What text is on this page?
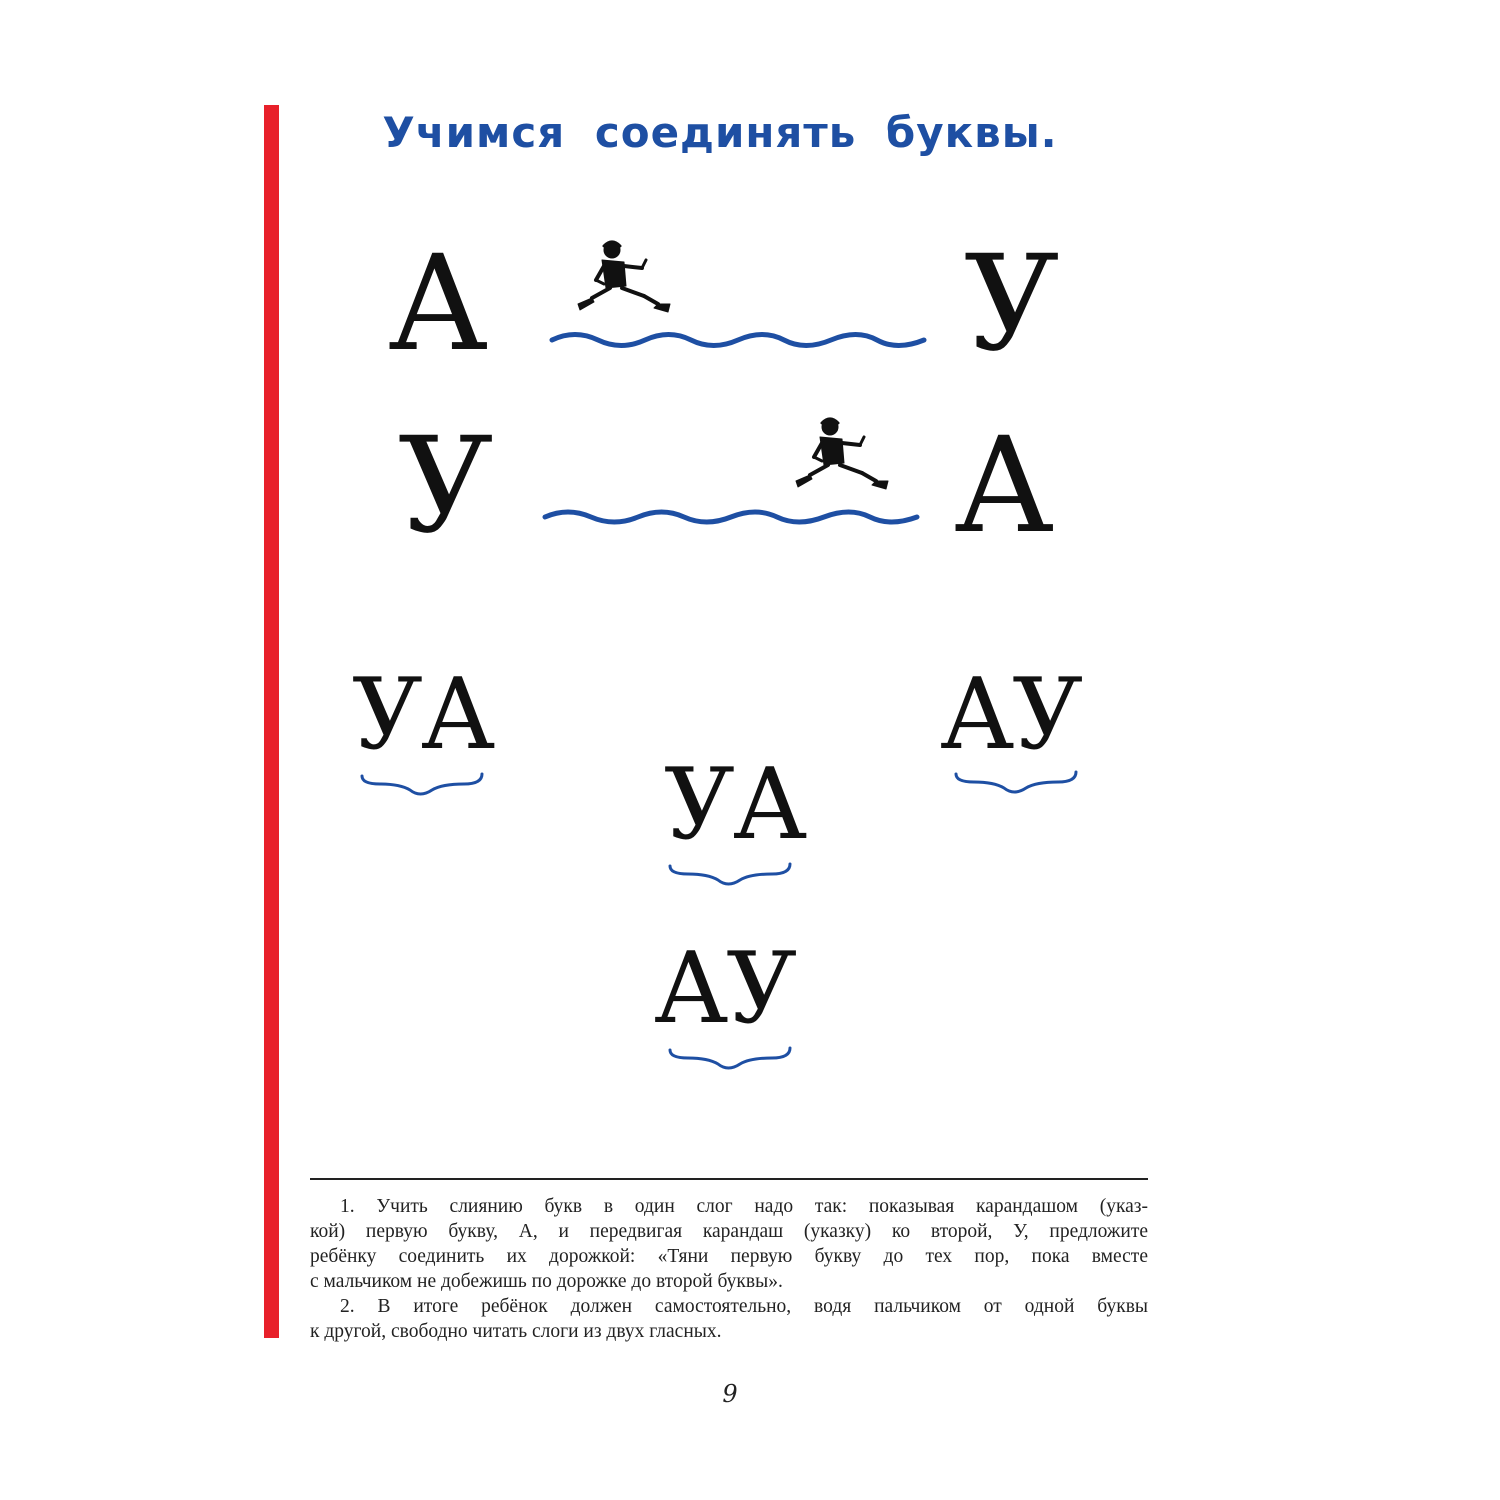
Учимся соединять буквы.
А	У
У	А
УА	АУ
УА
АУ
1. Учить слиянию букв в один слог надо так: показывая карандашом (указ-
кой) первую букву, А, и передвигая карандаш (указку) ко второй, У, предложите
ребёнку соединить их дорожкой: «Тяни первую букву до тех пор, пока вместе
с мальчиком не добежишь по дорожке до второй буквы».
2. В итоге ребёнок должен самостоятельно, водя пальчиком от одной буквы
к другой, свободно читать слоги из двух гласных.
9
